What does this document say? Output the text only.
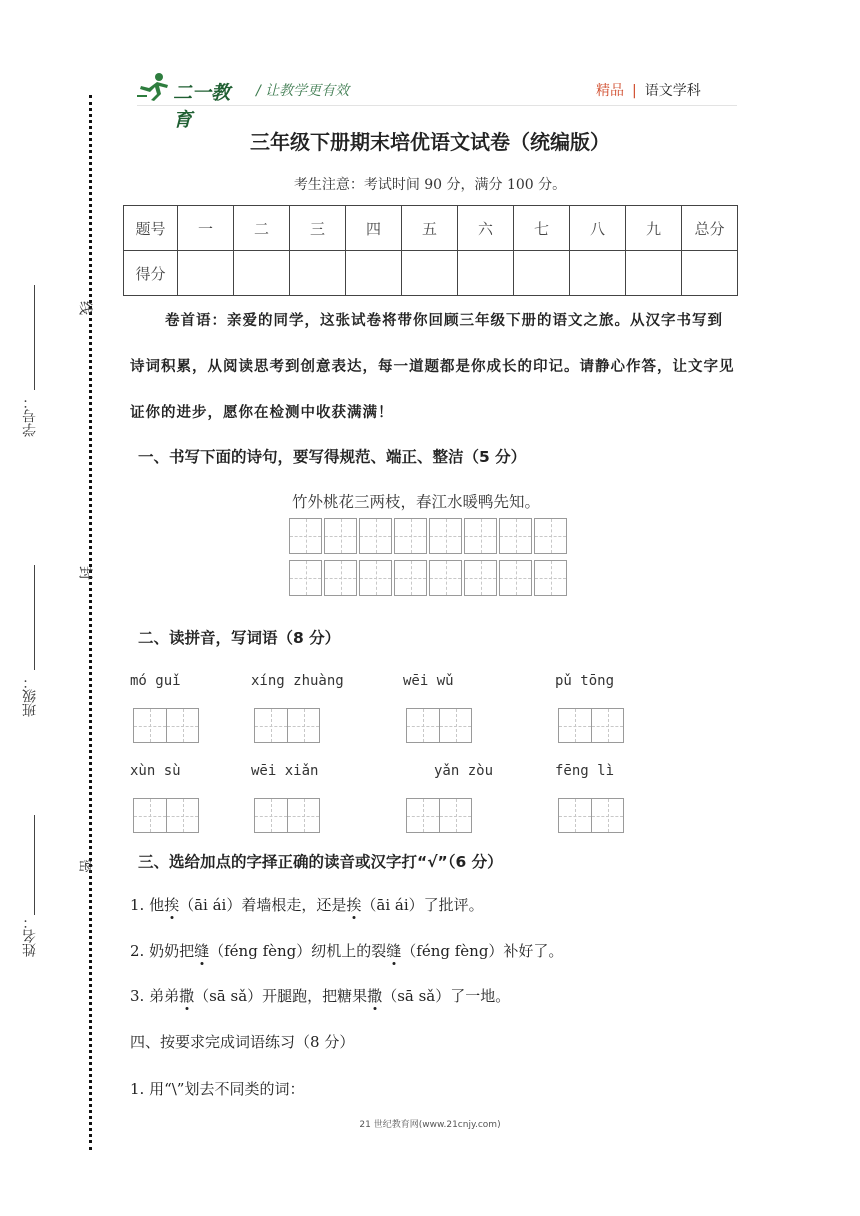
二一教育
/ 让教学更有效	精品 | 语文学科
线
封
密
学号：
班级：
姓名：
三年级下册期末培优语文试卷（统编版）
考生注意：考试时间 90 分，满分 100 分。
题号	一	二	三	四	五	六	七	八	九	总分
得分										
卷首语：亲爱的同学，这张试卷将带你回顾三年级下册的语文之旅。从汉字书写到诗词积累，从阅读思考到创意表达，每一道题都是你成长的印记。请静心作答，让文字见证你的进步，愿你在检测中收获满满！
一、书写下面的诗句，要写得规范、端正、整洁（5 分）
竹外桃花三两枝，春江水暖鸭先知。
二、读拼音，写词语（8 分）
mó guǐ	xíng zhuàng	wēi wǔ	pǔ tōng
xùn sù	wēi xiǎn	yǎn zòu	fēng lì
三、选给加点的字择正确的读音或汉字打“√”（6 分）
1. 他挨（āi ái）着墙根走，还是挨（āi ái）了批评。
2. 奶奶把缝（féng fèng）纫机上的裂缝（féng fèng）补好了。
3. 弟弟撒（sā sǎ）开腿跑，把糖果撒（sā sǎ）了一地。
四、按要求完成词语练习（8 分）
1. 用“\”划去不同类的词：
21 世纪教育网(www.21cnjy.com)
